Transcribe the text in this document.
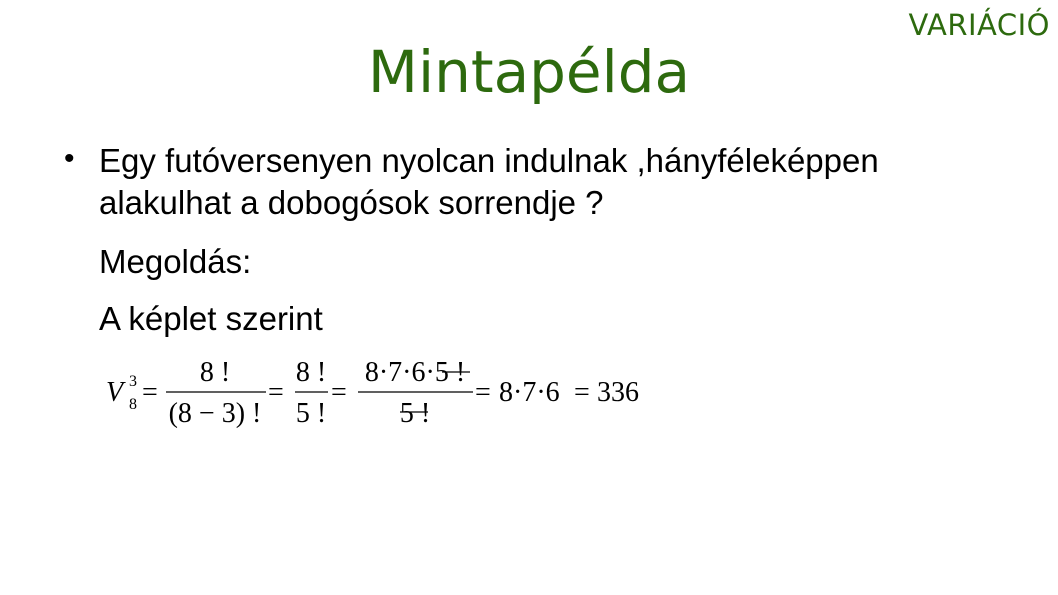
VARIÁCIÓ
Mintapélda
• Egy futóversenyen nyolcan indulnak ,hányféleképpen
alakulhat a dobogósok sorrendje ?
Megoldás:
A képlet szerint
V 3
8 =
8 !
(8 − 3) !
=
8 !
5 !
=
8·7·6·5 !
5 !
= 8·7·6 = 336
